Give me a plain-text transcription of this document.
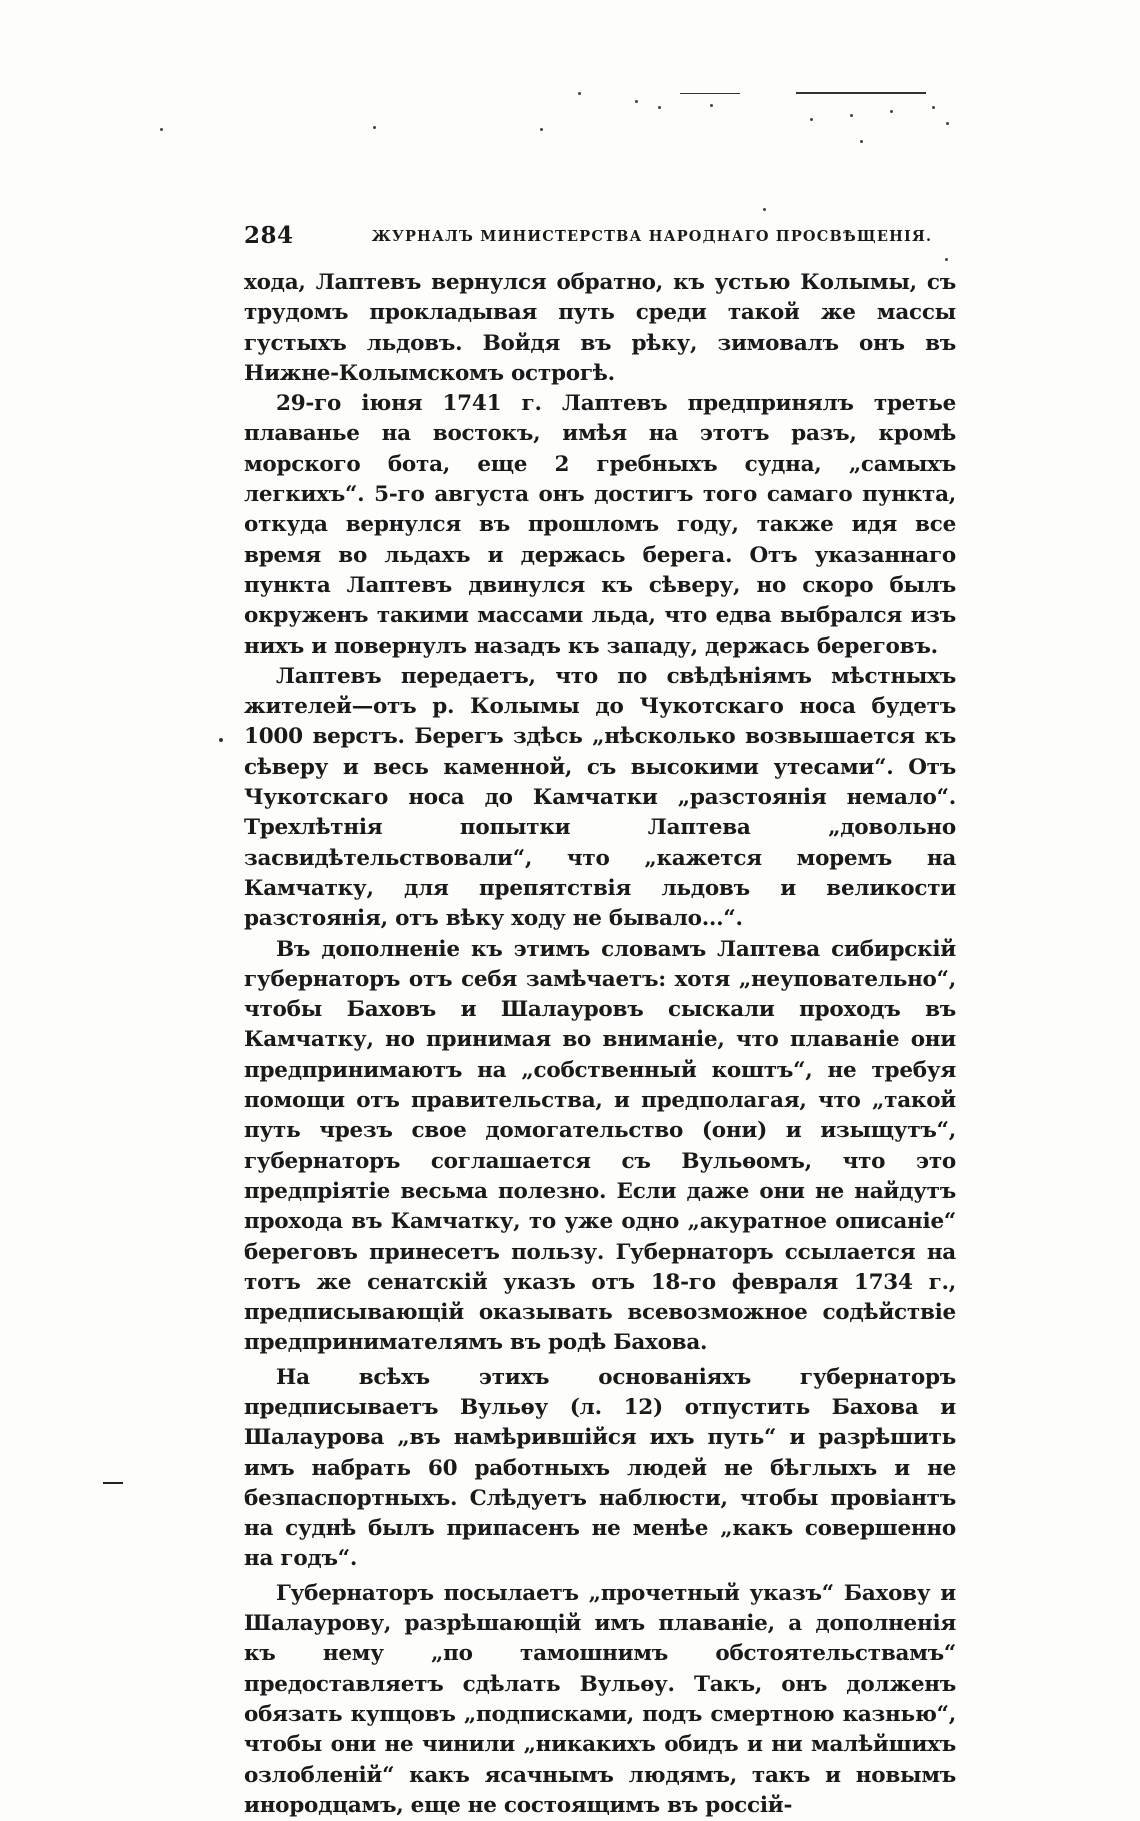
284	ЖУРНАЛЪ МИНИСТЕРСТВА НАРОДНАГО ПРОСВѢЩЕНІЯ.

хода, Лаптевъ вернулся обратно, къ устью Колымы, съ трудомъ прокладывая путь среди такой же массы густыхъ льдовъ. Войдя въ рѣку, зимовалъ онъ въ Нижне-Колымскомъ острогѣ.

29-го іюня 1741 г. Лаптевъ предпринялъ третье плаванье на востокъ, имѣя на этотъ разъ, кромѣ морского бота, еще 2 гребныхъ судна, „самыхъ легкихъ“. 5-го августа онъ достигъ того самаго пункта, откуда вернулся въ прошломъ году, также идя все время во льдахъ и держась берега. Отъ указаннаго пункта Лаптевъ двинулся къ сѣверу, но скоро былъ окруженъ такими массами льда, что едва выбрался изъ нихъ и повернулъ назадъ къ западу, держась береговъ.

Лаптевъ передаетъ, что по свѣдѣніямъ мѣстныхъ жителей—отъ р. Колымы до Чукотскаго носа будетъ 1000 верстъ. Берегъ здѣсь „нѣсколько возвышается къ сѣверу и весь каменной, съ высокими утесами“. Отъ Чукотскаго носа до Камчатки „разстоянія немало“. Трехлѣтнія попытки Лаптева „довольно засвидѣтельствовали“, что „кажется моремъ на Камчатку, для препятствія льдовъ и великости разстоянія, отъ вѣку ходу не бывало...“.

Въ дополненіе къ этимъ словамъ Лаптева сибирскій губернаторъ отъ себя замѣчаетъ: хотя „неуповательно“, чтобы Баховъ и Шалауровъ сыскали проходъ въ Камчатку, но принимая во вниманіе, что плаваніе они предпринимаютъ на „собственный коштъ“, не требуя помощи отъ правительства, и предполагая, что „такой путь чрезъ свое домогательство (они) и изыщутъ“, губернаторъ соглашается съ Вульѳомъ, что это предпріятіе весьма полезно. Если даже они не найдутъ прохода въ Камчатку, то уже одно „акуратное описаніе“ береговъ принесетъ пользу. Губернаторъ ссылается на тотъ же сенатскій указъ отъ 18-го февраля 1734 г., предписывающій оказывать всевозможное содѣйствіе предпринимателямъ въ родѣ Бахова.

На всѣхъ этихъ основаніяхъ губернаторъ предписываетъ Вульѳу (л. 12) отпустить Бахова и Шалаурова „въ намѣрившійся ихъ путь“ и разрѣшить имъ набрать 60 работныхъ людей не бѣглыхъ и не безпаспортныхъ. Слѣдуетъ наблюсти, чтобы провіантъ на суднѣ былъ припасенъ не менѣе „какъ совершенно на годъ“.

Губернаторъ посылаетъ „прочетный указъ“ Бахову и Шалаурову, разрѣшающій имъ плаваніе, а дополненія къ нему „по тамошнимъ обстоятельствамъ“ предоставляетъ сдѣлать Вульѳу. Такъ, онъ долженъ обязать купцовъ „подписками, подъ смертною казнью“, чтобы они не чинили „никакихъ обидъ и ни малѣйшихъ озлобленій“ какъ ясачнымъ людямъ, такъ и новымъ инородцамъ, еще не состоящимъ въ россій-
